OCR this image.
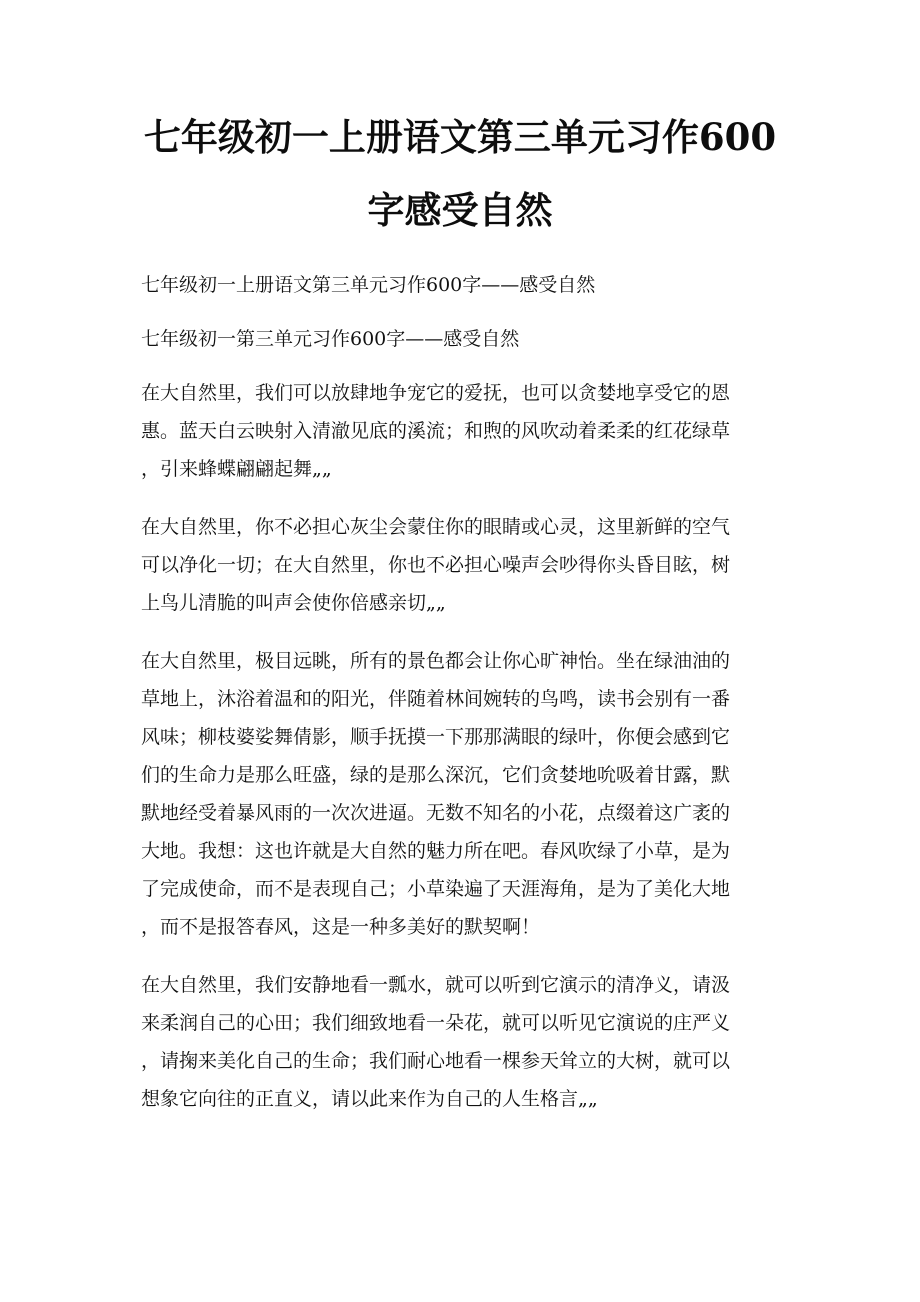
七年级初一上册语文第三单元习作600
字感受自然

七年级初一上册语文第三单元习作600字——感受自然

七年级初一第三单元习作600字——感受自然

在大自然里，我们可以放肆地争宠它的爱抚，也可以贪婪地享受它的恩

惠。蓝天白云映射入清澈见底的溪流；和煦的风吹动着柔柔的红花绿草

，引来蜂蝶翩翩起舞„„

在大自然里，你不必担心灰尘会蒙住你的眼睛或心灵，这里新鲜的空气

可以净化一切；在大自然里，你也不必担心噪声会吵得你头昏目眩，树

上鸟儿清脆的叫声会使你倍感亲切„„

在大自然里，极目远眺，所有的景色都会让你心旷神怡。坐在绿油油的

草地上，沐浴着温和的阳光，伴随着林间婉转的鸟鸣，读书会别有一番

风味；柳枝婆娑舞倩影，顺手抚摸一下那那满眼的绿叶，你便会感到它

们的生命力是那么旺盛，绿的是那么深沉，它们贪婪地吮吸着甘露，默

默地经受着暴风雨的一次次进逼。无数不知名的小花，点缀着这广袤的

大地。我想：这也许就是大自然的魅力所在吧。春风吹绿了小草，是为

了完成使命，而不是表现自己；小草染遍了天涯海角，是为了美化大地

，而不是报答春风，这是一种多美好的默契啊！

在大自然里，我们安静地看一瓢水，就可以听到它演示的清净义，请汲

来柔润自己的心田；我们细致地看一朵花，就可以听见它演说的庄严义

，请掬来美化自己的生命；我们耐心地看一棵参天耸立的大树，就可以

想象它向往的正直义，请以此来作为自己的人生格言„„
